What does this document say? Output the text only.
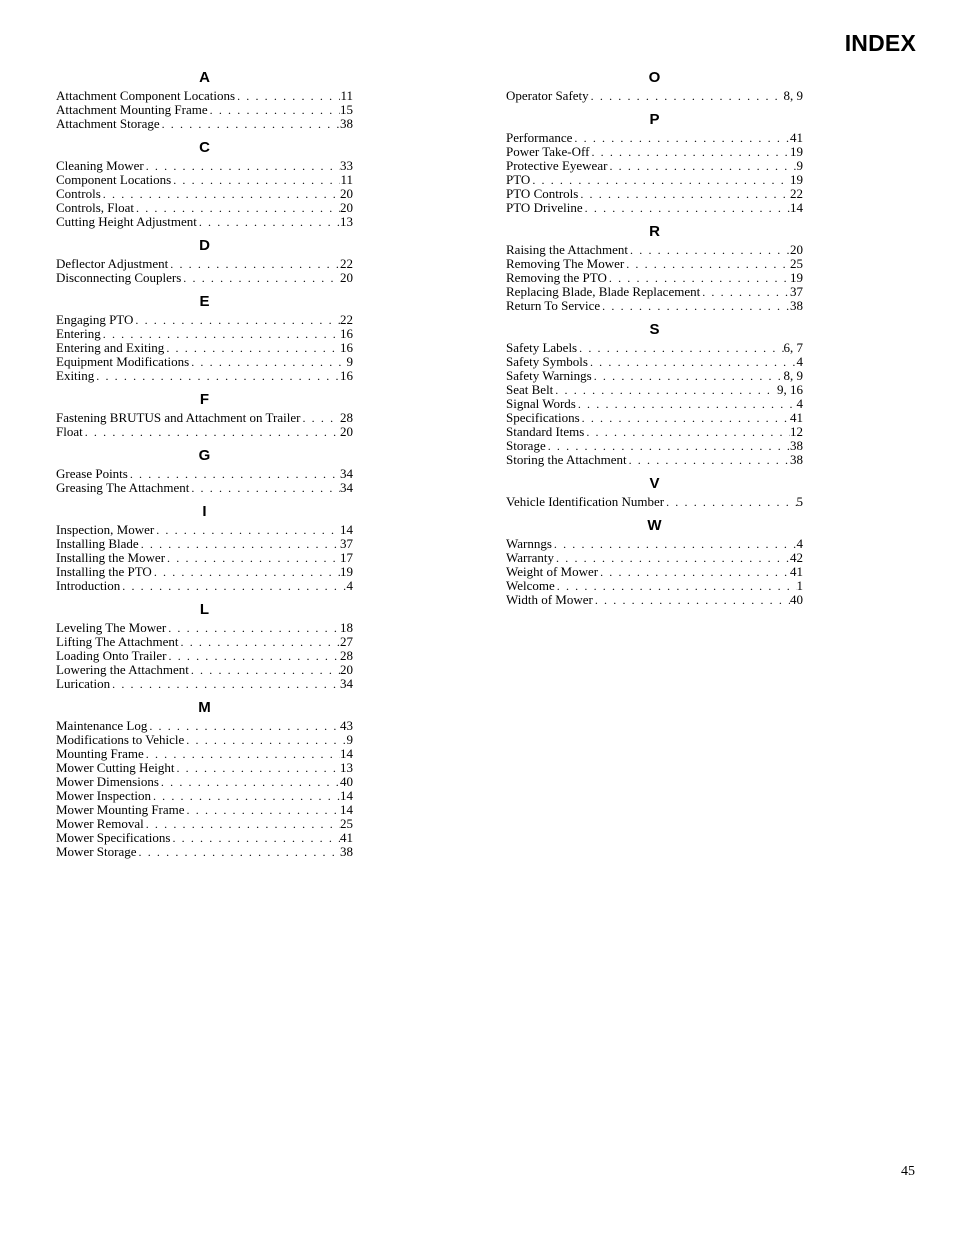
INDEX
A
Attachment Component Locations . . .	11
Attachment Mounting Frame . . .	15
Attachment Storage . . .	38
C
Cleaning Mower . . .	33
Component Locations . . .	11
Controls . . .	20
Controls, Float . . .	20
Cutting Height Adjustment . . .	13
D
Deflector Adjustment . . .	22
Disconnecting Couplers . . .	20
E
Engaging PTO . . .	22
Entering . . .	16
Entering and Exiting . . .	16
Equipment Modifications . . .	9
Exiting . . .	16
F
Fastening BRUTUS and Attachment on Trailer . . .	28
Float . . .	20
G
Grease Points . . .	34
Greasing The Attachment . . .	34
I
Inspection, Mower . . .	14
Installing Blade . . .	37
Installing the Mower . . .	17
Installing the PTO . . .	19
Introduction . . .	4
L
Leveling The Mower . . .	18
Lifting The Attachment . . .	27
Loading Onto Trailer . . .	28
Lowering the Attachment . . .	20
Lurication . . .	34
M
Maintenance Log . . .	43
Modifications to Vehicle . . .	9
Mounting Frame . . .	14
Mower Cutting Height . . .	13
Mower Dimensions . . .	40
Mower Inspection . . .	14
Mower Mounting Frame . . .	14
Mower Removal . . .	25
Mower Specifications . . .	41
Mower Storage . . .	38
O
Operator Safety . . .	8, 9
P
Performance . . .	41
Power Take-Off . . .	19
Protective Eyewear . . .	9
PTO . . .	19
PTO Controls . . .	22
PTO Driveline . . .	14
R
Raising the Attachment . . .	20
Removing The Mower . . .	25
Removing the PTO . . .	19
Replacing Blade, Blade Replacement . . .	37
Return To Service . . .	38
S
Safety Labels . . .	6, 7
Safety Symbols . . .	4
Safety Warnings . . .	8, 9
Seat Belt . . .	9, 16
Signal Words . . .	4
Specifications . . .	41
Standard Items . . .	12
Storage . . .	38
Storing the Attachment . . .	38
V
Vehicle Identification Number . . .	5
W
Warnngs . . .	4
Warranty . . .	42
Weight of Mower . . .	41
Welcome . . .	1
Width of Mower . . .	40
45
